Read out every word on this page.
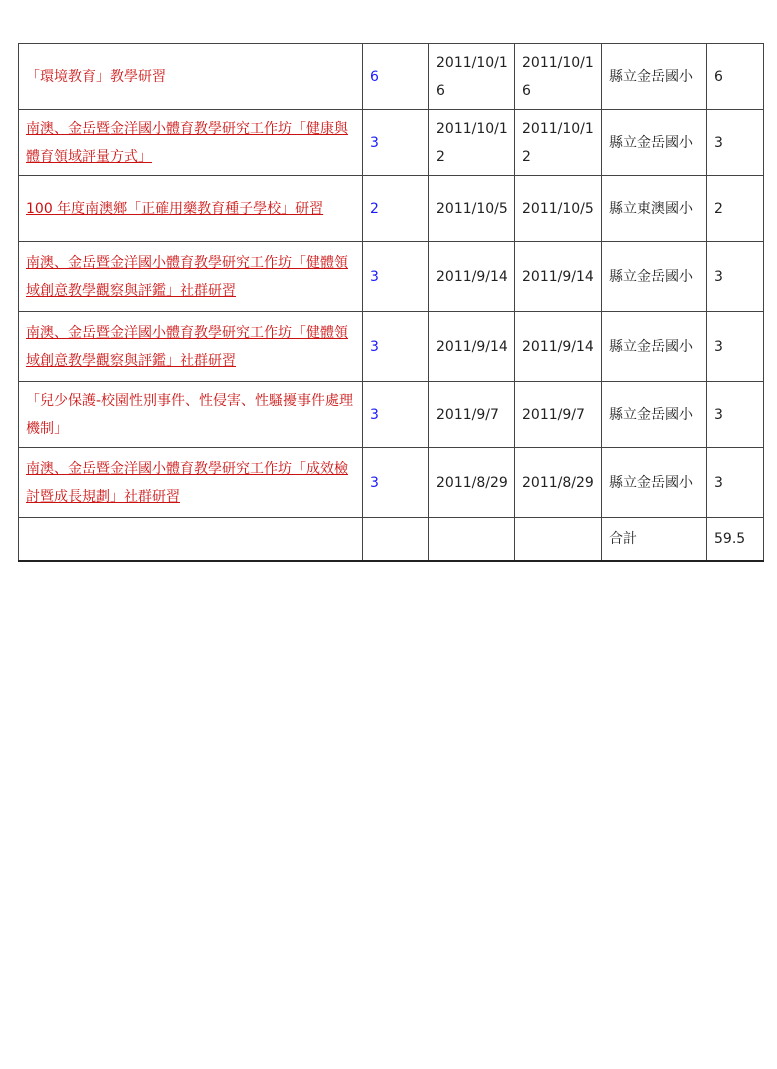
「環境教育」教學研習	6	2011/10/16	2011/10/16	縣立金岳國小	6
南澳、金岳暨金洋國小體育教學研究工作坊「健康與體育領域評量方式」	3	2011/10/12	2011/10/12	縣立金岳國小	3
100 年度南澳鄉「正確用藥教育種子學校」研習	2	2011/10/5	2011/10/5	縣立東澳國小	2
南澳、金岳暨金洋國小體育教學研究工作坊「健體領域創意教學觀察與評鑑」社群研習	3	2011/9/14	2011/9/14	縣立金岳國小	3
南澳、金岳暨金洋國小體育教學研究工作坊「健體領域創意教學觀察與評鑑」社群研習	3	2011/9/14	2011/9/14	縣立金岳國小	3
「兒少保護-校園性別事件、性侵害、性騷擾事件處理機制」	3	2011/9/7	2011/9/7	縣立金岳國小	3
南澳、金岳暨金洋國小體育教學研究工作坊「成效檢討暨成長規劃」社群研習	3	2011/8/29	2011/8/29	縣立金岳國小	3
				合計	59.5
